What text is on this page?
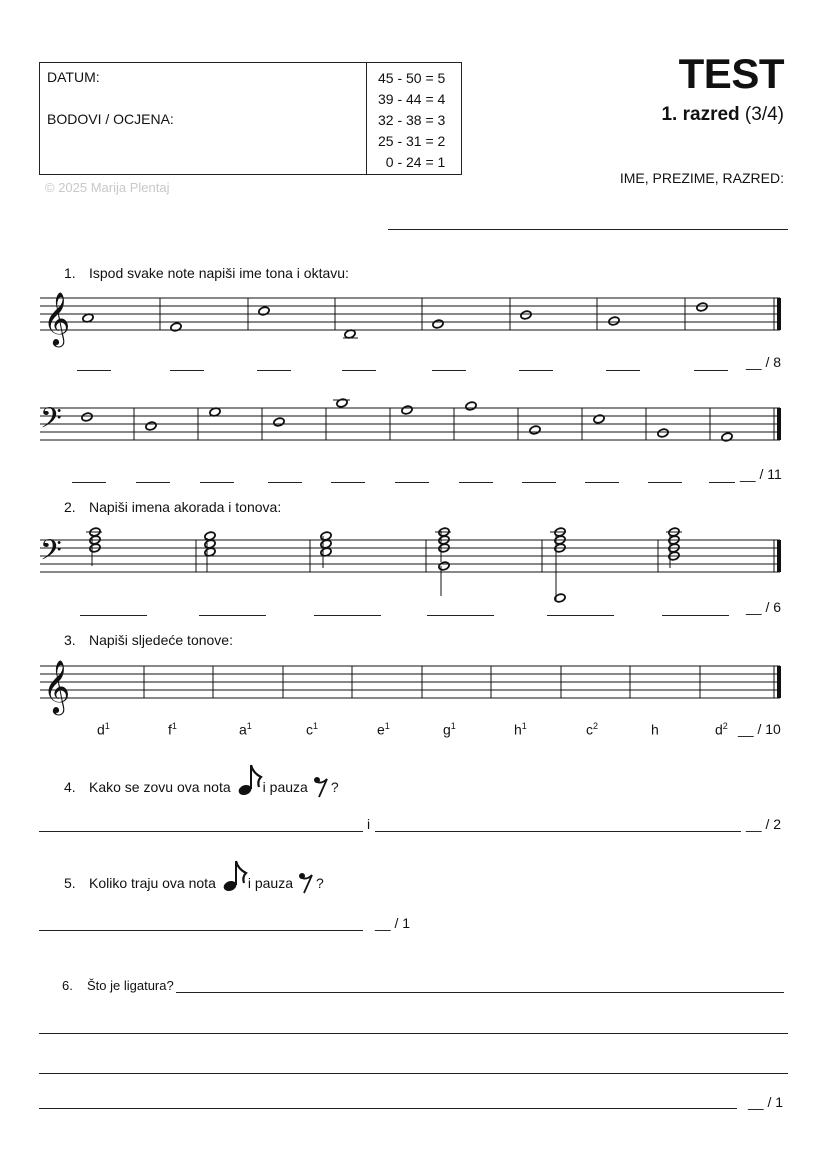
DATUM:
BODOVI / OCJENA:
45 - 50 = 5
39 - 44 = 4
32 - 38 = 3
25 - 31 = 2
0 - 24 = 1
© 2025 Marija Plentaj
TEST
1. razred (3/4)
IME, PREZIME, RAZRED:
1. Ispod svake note napiši ime tona i oktavu:
2. Napiši imena akorada i tonova:
3. Napiši sljedeće tonove:
𝄞
𝄢
𝄢
𝄞
__ / 8
__ / 11
__ / 6
$d^1$	$f^1$	$a^1$	$c^1$	$e^1$	$g^1$	$h^1$	$c^2$	h	$d^2$ __ / 10
4. Kako se zovu ova nota i pauza ?
i	__ / 2
5. Koliko traju ova nota i pauza ?
__ / 1
6. Što je ligatura?
__ / 1
